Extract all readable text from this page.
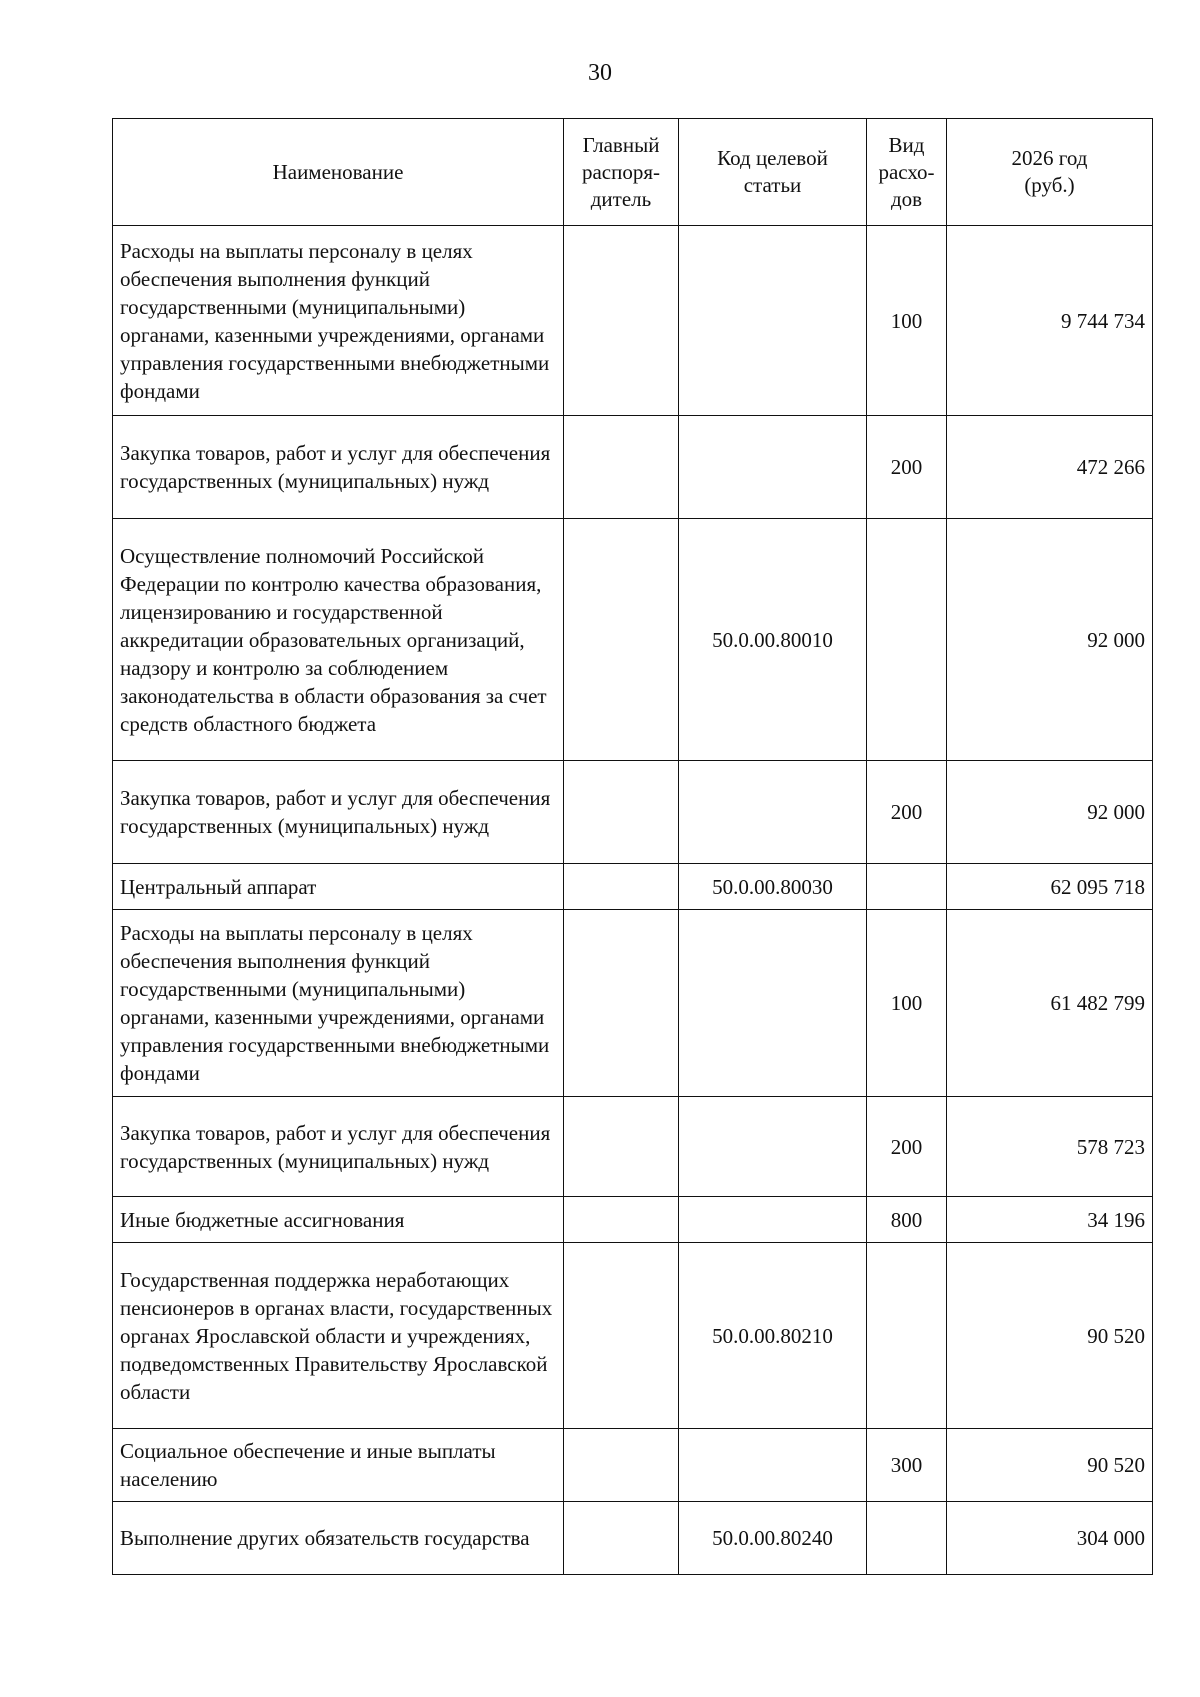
30
Наименование	Главный распоря-дитель	Код целевой статьи	Вид расхо-дов	2026 год (руб.)
Расходы на выплаты персоналу в целях обеспечения выполнения функций государственными (муниципальными) органами, казенными учреждениями, органами управления государственными внебюджетными фондами			100	9 744 734
Закупка товаров, работ и услуг для обеспечения государственных (муниципальных) нужд			200	472 266
Осуществление полномочий Российской Федерации по контролю качества образования, лицензированию и государственной аккредитации образовательных организаций, надзору и контролю за соблюдением законодательства в области образования за счет средств областного бюджета		50.0.00.80010		92 000
Закупка товаров, работ и услуг для обеспечения государственных (муниципальных) нужд			200	92 000
Центральный аппарат		50.0.00.80030		62 095 718
Расходы на выплаты персоналу в целях обеспечения выполнения функций государственными (муниципальными) органами, казенными учреждениями, органами управления государственными внебюджетными фондами			100	61 482 799
Закупка товаров, работ и услуг для обеспечения государственных (муниципальных) нужд			200	578 723
Иные бюджетные ассигнования			800	34 196
Государственная поддержка неработающих пенсионеров в органах власти, государственных органах Ярославской области и учреждениях, подведомственных Правительству Ярославской области		50.0.00.80210		90 520
Социальное обеспечение и иные выплаты населению			300	90 520
Выполнение других обязательств государства		50.0.00.80240		304 000
